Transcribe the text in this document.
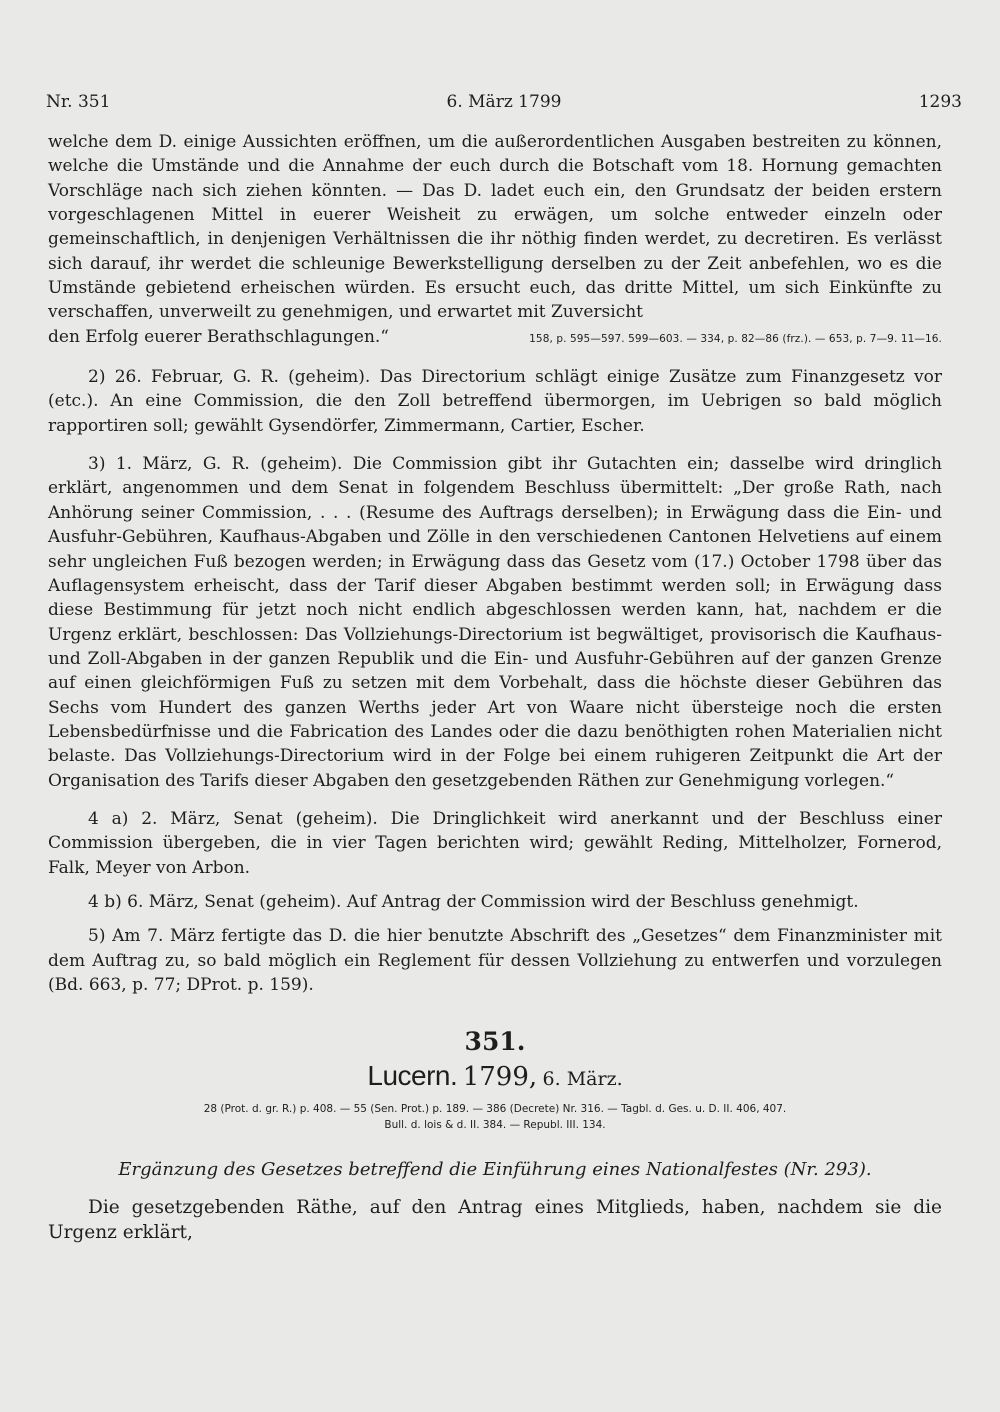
Nr. 351	6. März 1799	1293

welche dem D. einige Aussichten eröffnen, um die außerordentlichen Ausgaben bestreiten zu können, welche die Umstände und die Annahme der euch durch die Botschaft vom 18. Hornung gemachten Vorschläge nach sich ziehen könnten. — Das D. ladet euch ein, den Grundsatz der beiden erstern vorgeschlagenen Mittel in euerer Weisheit zu erwägen, um solche entweder einzeln oder gemeinschaftlich, in denjenigen Verhältnissen die ihr nöthig finden werdet, zu decretiren. Es verlässt sich darauf, ihr werdet die schleunige Bewerkstelligung derselben zu der Zeit anbefehlen, wo es die Umstände gebietend erheischen würden. Es ersucht euch, das dritte Mittel, um sich Einkünfte zu verschaffen, unverweilt zu genehmigen, und erwartet mit Zuversicht

den Erfolg euerer Berathschlagungen.“	158, p. 595—597. 599—603. — 334, p. 82—86 (frz.). — 653, p. 7—9. 11—16.

2) 26. Februar, G. R. (geheim). Das Directorium schlägt einige Zusätze zum Finanzgesetz vor (etc.). An eine Commission, die den Zoll betreffend übermorgen, im Uebrigen so bald möglich rapportiren soll; gewählt Gysendörfer, Zimmermann, Cartier, Escher.

3) 1. März, G. R. (geheim). Die Commission gibt ihr Gutachten ein; dasselbe wird dringlich erklärt, angenommen und dem Senat in folgendem Beschluss übermittelt: „Der große Rath, nach Anhörung seiner Commission, . . . (Resume des Auftrags derselben); in Erwägung dass die Ein- und Ausfuhr-Gebühren, Kaufhaus-Abgaben und Zölle in den verschiedenen Cantonen Helvetiens auf einem sehr ungleichen Fuß bezogen werden; in Erwägung dass das Gesetz vom (17.) October 1798 über das Auflagensystem erheischt, dass der Tarif dieser Abgaben bestimmt werden soll; in Erwägung dass diese Bestimmung für jetzt noch nicht endlich abgeschlossen werden kann, hat, nachdem er die Urgenz erklärt, beschlossen: Das Vollziehungs-Directorium ist begwältiget, provisorisch die Kaufhaus- und Zoll-Abgaben in der ganzen Republik und die Ein- und Ausfuhr-Gebühren auf der ganzen Grenze auf einen gleichförmigen Fuß zu setzen mit dem Vorbehalt, dass die höchste dieser Gebühren das Sechs vom Hundert des ganzen Werths jeder Art von Waare nicht übersteige noch die ersten Lebensbedürfnisse und die Fabrication des Landes oder die dazu benöthigten rohen Materialien nicht belaste. Das Vollziehungs-Directorium wird in der Folge bei einem ruhigeren Zeitpunkt die Art der Organisation des Tarifs dieser Abgaben den gesetzgebenden Räthen zur Genehmigung vorlegen.“

4 a) 2. März, Senat (geheim). Die Dringlichkeit wird anerkannt und der Beschluss einer Commission übergeben, die in vier Tagen berichten wird; gewählt Reding, Mittelholzer, Fornerod, Falk, Meyer von Arbon.

4 b) 6. März, Senat (geheim). Auf Antrag der Commission wird der Beschluss genehmigt.

5) Am 7. März fertigte das D. die hier benutzte Abschrift des „Gesetzes“ dem Finanzminister mit dem Auftrag zu, so bald möglich ein Reglement für dessen Vollziehung zu entwerfen und vorzulegen (Bd. 663, p. 77; DProt. p. 159).

351.
Lucern. 1799, 6. März.
28 (Prot. d. gr. R.) p. 408. — 55 (Sen. Prot.) p. 189. — 386 (Decrete) Nr. 316. — Tagbl. d. Ges. u. D. II. 406, 407.
Bull. d. lois & d. II. 384. — Republ. III. 134.
Ergänzung des Gesetzes betreffend die Einführung eines Nationalfestes (Nr. 293).

Die gesetzgebenden Räthe, auf den Antrag eines Mitglieds, haben, nachdem sie die Urgenz erklärt,
